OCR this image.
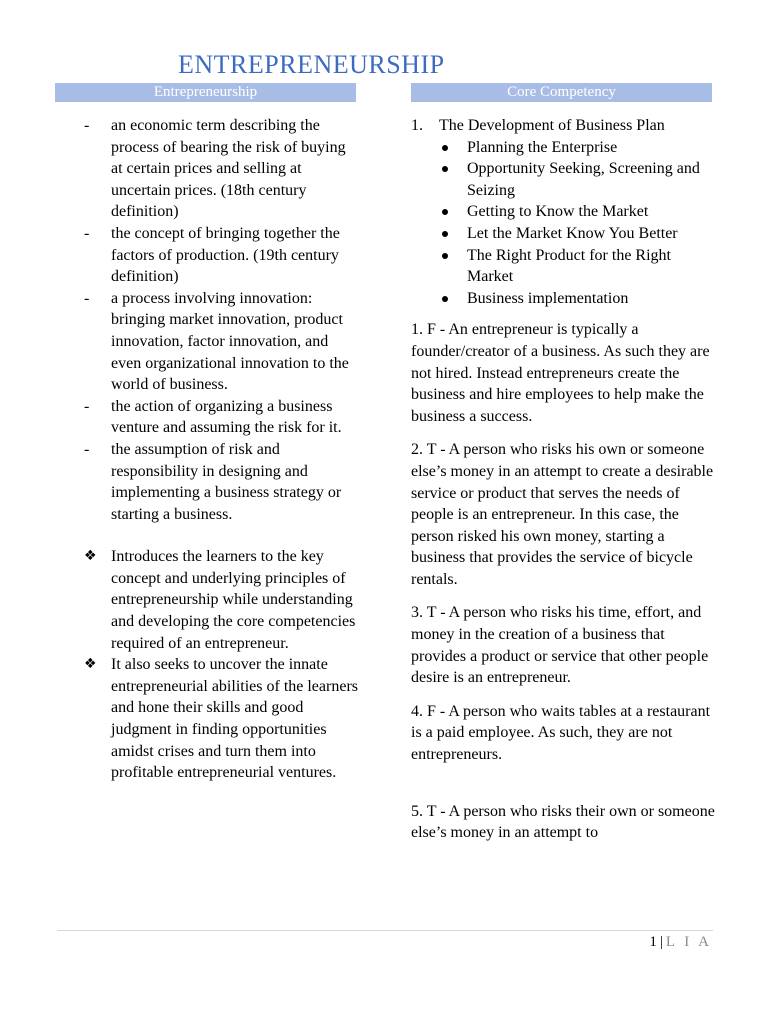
ENTREPRENEURSHIP
Entrepreneurship	Core Competency
- an economic term describing the process of bearing the risk of buying at certain prices and selling at uncertain prices. (18th century definition)
- the concept of bringing together the factors of production. (19th century definition)
- a process involving innovation: bringing market innovation, product innovation, factor innovation, and even organizational innovation to the world of business.
- the action of organizing a business venture and assuming the risk for it.
- the assumption of risk and responsibility in designing and implementing a business strategy or starting a business.
❖ Introduces the learners to the key concept and underlying principles of entrepreneurship while understanding and developing the core competencies required of an entrepreneur.
❖ It also seeks to uncover the innate entrepreneurial abilities of the learners and hone their skills and good judgment in finding opportunities amidst crises and turn them into profitable entrepreneurial ventures.
1. The Development of Business Plan
Planning the Enterprise
Opportunity Seeking, Screening and Seizing
Getting to Know the Market
Let the Market Know You Better
The Right Product for the Right Market
Business implementation
1. F - An entrepreneur is typically a founder/creator of a business. As such they are not hired. Instead entrepreneurs create the business and hire employees to help make the business a success.
2. T - A person who risks his own or someone else’s money in an attempt to create a desirable service or product that serves the needs of people is an entrepreneur. In this case, the person risked his own money, starting a business that provides the service of bicycle rentals.
3. T - A person who risks his time, effort, and money in the creation of a business that provides a product or service that other people desire is an entrepreneur.
4. F - A person who waits tables at a restaurant is a paid employee. As such, they are not entrepreneurs.
5. T - A person who risks their own or someone else’s money in an attempt to
1 | L I A
